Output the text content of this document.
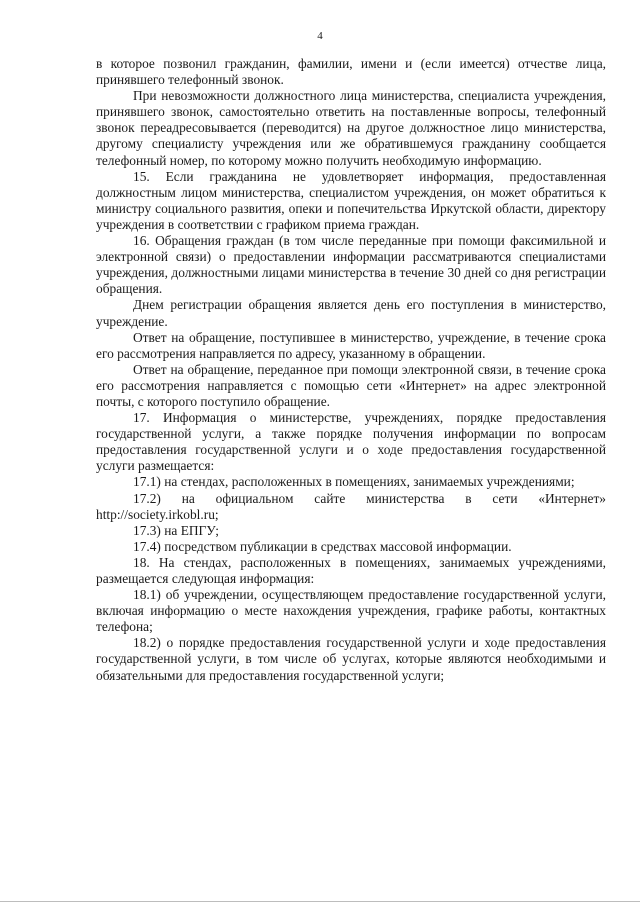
4

в которое позвонил гражданин, фамилии, имени и (если имеется) отчестве лица, принявшего телефонный звонок.

При невозможности должностного лица министерства, специалиста учреждения, принявшего звонок, самостоятельно ответить на поставленные вопросы, телефонный звонок переадресовывается (переводится) на другое должностное лицо министерства, другому специалисту учреждения или же обратившемуся гражданину сообщается телефонный номер, по которому можно получить необходимую информацию.

15. Если гражданина не удовлетворяет информация, предоставленная должностным лицом министерства, специалистом учреждения, он может обратиться к министру социального развития, опеки и попечительства Иркутской области, директору учреждения в соответствии с графиком приема граждан.

16. Обращения граждан (в том числе переданные при помощи факсимильной и электронной связи) о предоставлении информации рассматриваются специалистами учреждения, должностными лицами министерства в течение 30 дней со дня регистрации обращения.

Днем регистрации обращения является день его поступления в министерство, учреждение.

Ответ на обращение, поступившее в министерство, учреждение, в течение срока его рассмотрения направляется по адресу, указанному в обращении.

Ответ на обращение, переданное при помощи электронной связи, в течение срока его рассмотрения направляется с помощью сети «Интернет» на адрес электронной почты, с которого поступило обращение.

17. Информация о министерстве, учреждениях, порядке предоставления государственной услуги, а также порядке получения информации по вопросам предоставления государственной услуги и о ходе предоставления государственной услуги размещается:

17.1) на стендах, расположенных в помещениях, занимаемых учреждениями;

17.2) на официальном сайте министерства в сети «Интернет» http://society.irkobl.ru;

17.3) на ЕПГУ;

17.4) посредством публикации в средствах массовой информации.

18. На стендах, расположенных в помещениях, занимаемых учреждениями, размещается следующая информация:

18.1) об учреждении, осуществляющем предоставление государственной услуги, включая информацию о месте нахождения учреждения, графике работы, контактных телефона;

18.2) о порядке предоставления государственной услуги и ходе предоставления государственной услуги, в том числе об услугах, которые являются необходимыми и обязательными для предоставления государственной услуги;
